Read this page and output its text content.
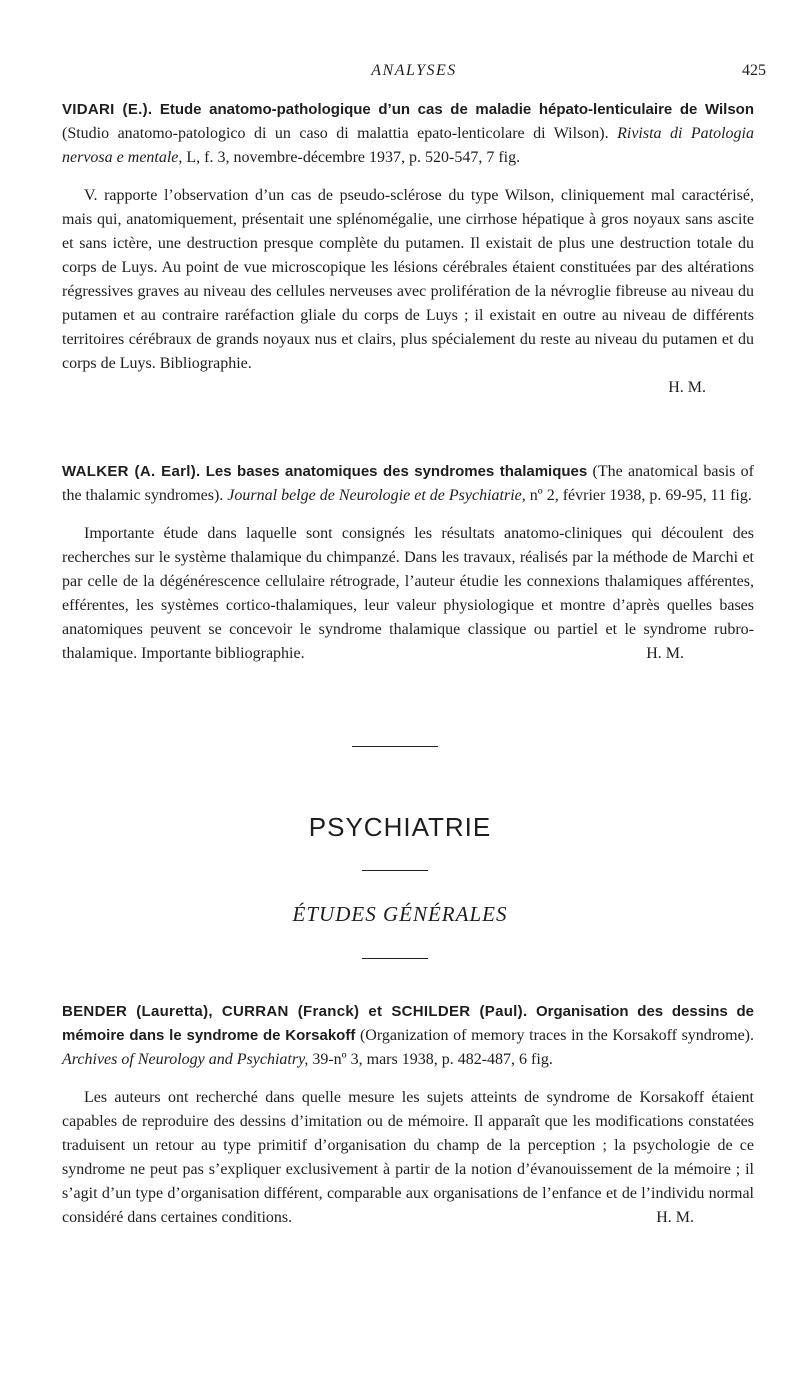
ANALYSES	425
VIDARI (E.). Etude anatomo-pathologique d’un cas de maladie hépato-lenticulaire de Wilson (Studio anatomo-patologico di un caso di malattia epato-lenticolare di Wilson). Rivista di Patologia nervosa e mentale, L, f. 3, novembre-décembre 1937, p. 520-547, 7 fig.
V. rapporte l’observation d’un cas de pseudo-sclérose du type Wilson, cliniquement mal caractérisé, mais qui, anatomiquement, présentait une splénomégalie, une cirrhose hépatique à gros noyaux sans ascite et sans ictère, une destruction presque complète du putamen. Il existait de plus une destruction totale du corps de Luys. Au point de vue microscopique les lésions cérébrales étaient constituées par des altérations régressives graves au niveau des cellules nerveuses avec prolifération de la névroglie fibreuse au niveau du putamen et au contraire raréfaction gliale du corps de Luys ; il existait en outre au niveau de différents territoires cérébraux de grands noyaux nus et clairs, plus spécialement du reste au niveau du putamen et du corps de Luys. Bibliographie.
H. M.
WALKER (A. Earl). Les bases anatomiques des syndromes thalamiques (The anatomical basis of the thalamic syndromes). Journal belge de Neurologie et de Psychiatrie, nº 2, février 1938, p. 69-95, 11 fig.
Importante étude dans laquelle sont consignés les résultats anatomo-cliniques qui découlent des recherches sur le système thalamique du chimpanzé. Dans les travaux, réalisés par la méthode de Marchi et par celle de la dégénérescence cellulaire rétrograde, l’auteur étudie les connexions thalamiques afférentes, efférentes, les systèmes cortico-thalamiques, leur valeur physiologique et montre d’après quelles bases anatomiques peuvent se concevoir le syndrome thalamique classique ou partiel et le syndrome rubro-thalamique. Importante bibliographie.	H. M.
PSYCHIATRIE
ÉTUDES GÉNÉRALES
BENDER (Lauretta), CURRAN (Franck) et SCHILDER (Paul). Organisation des dessins de mémoire dans le syndrome de Korsakoff (Organization of memory traces in the Korsakoff syndrome). Archives of Neurology and Psychiatry, 39-nº 3, mars 1938, p. 482-487, 6 fig.
Les auteurs ont recherché dans quelle mesure les sujets atteints de syndrome de Korsakoff étaient capables de reproduire des dessins d’imitation ou de mémoire. Il apparaît que les modifications constatées traduisent un retour au type primitif d’organisation du champ de la perception ; la psychologie de ce syndrome ne peut pas s’expliquer exclusivement à partir de la notion d’évanouissement de la mémoire ; il s’agit d’un type d’organisation différent, comparable aux organisations de l’enfance et de l’individu normal considéré dans certaines conditions.	H. M.
